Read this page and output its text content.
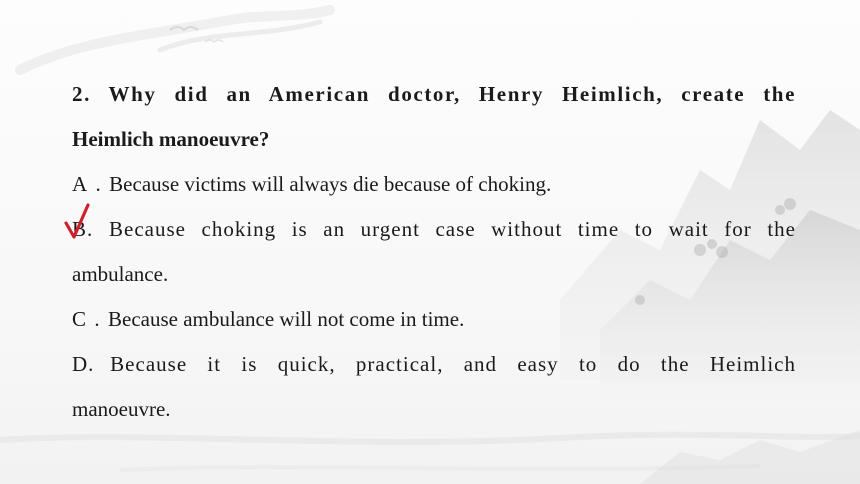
2. Why did an American doctor, Henry Heimlich, create the
Heimlich manoeuvre?

A . Because victims will always die because of choking.

B. Because choking is an urgent case without time to wait for the
ambulance.

C . Because ambulance will not come in time.

D. Because it is quick, practical, and easy to do the Heimlich
manoeuvre.
